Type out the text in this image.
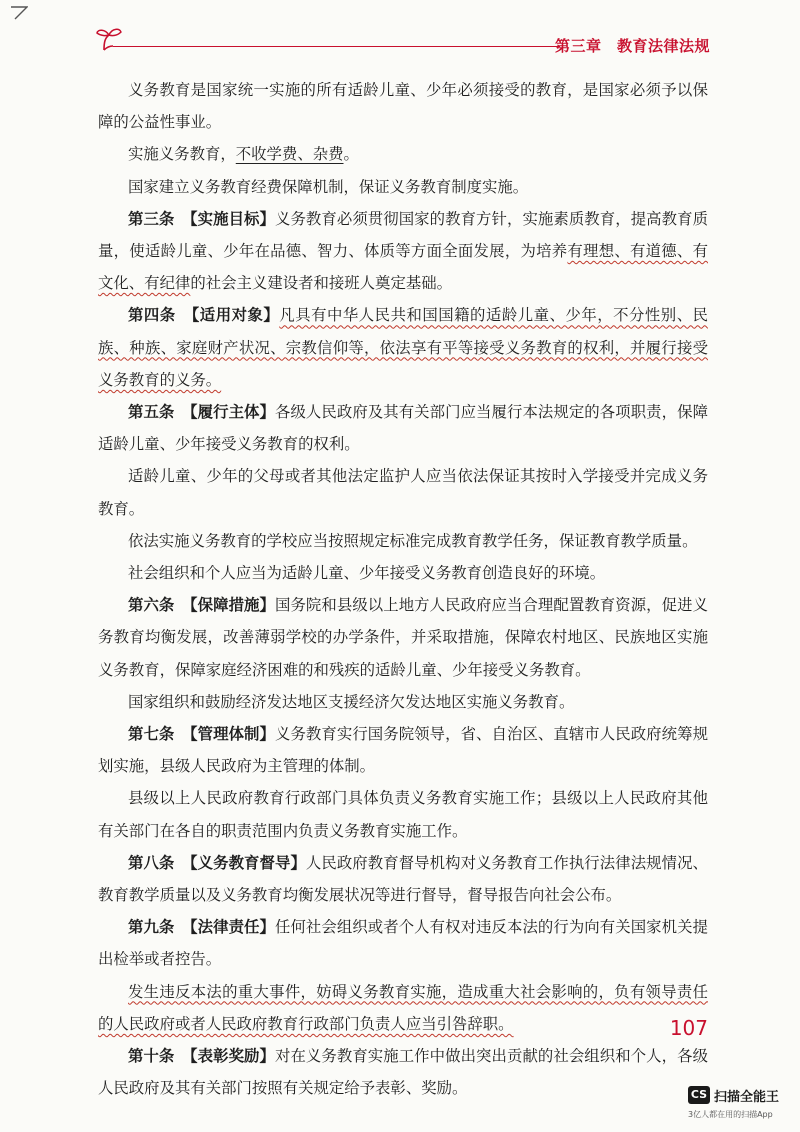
第三章　教育法律法规

义务教育是国家统一实施的所有适龄儿童、少年必须接受的教育，是国家必须予以保障的公益性事业。

实施义务教育，不收学费、杂费。

国家建立义务教育经费保障机制，保证义务教育制度实施。

第三条　 【实施目标】义务教育必须贯彻国家的教育方针，实施素质教育，提高教育质量，使适龄儿童、少年在品德、智力、体质等方面全面发展，为培养有理想、有道德、有文化、有纪律的社会主义建设者和接班人奠定基础。

第四条　 【适用对象】凡具有中华人民共和国国籍的适龄儿童、少年，不分性别、民族、种族、家庭财产状况、宗教信仰等，依法享有平等接受义务教育的权利，并履行接受义务教育的义务。

第五条　 【履行主体】各级人民政府及其有关部门应当履行本法规定的各项职责，保障适龄儿童、少年接受义务教育的权利。

适龄儿童、少年的父母或者其他法定监护人应当依法保证其按时入学接受并完成义务教育。

依法实施义务教育的学校应当按照规定标准完成教育教学任务，保证教育教学质量。

社会组织和个人应当为适龄儿童、少年接受义务教育创造良好的环境。

第六条　 【保障措施】国务院和县级以上地方人民政府应当合理配置教育资源，促进义务教育均衡发展，改善薄弱学校的办学条件，并采取措施，保障农村地区、民族地区实施义务教育，保障家庭经济困难的和残疾的适龄儿童、少年接受义务教育。

国家组织和鼓励经济发达地区支援经济欠发达地区实施义务教育。

第七条　 【管理体制】义务教育实行国务院领导，省、自治区、直辖市人民政府统筹规划实施，县级人民政府为主管理的体制。

县级以上人民政府教育行政部门具体负责义务教育实施工作；县级以上人民政府其他有关部门在各自的职责范围内负责义务教育实施工作。

第八条　 【义务教育督导】人民政府教育督导机构对义务教育工作执行法律法规情况、教育教学质量以及义务教育均衡发展状况等进行督导，督导报告向社会公布。

第九条　 【法律责任】任何社会组织或者个人有权对违反本法的行为向有关国家机关提出检举或者控告。

发生违反本法的重大事件，妨碍义务教育实施，造成重大社会影响的，负有领导责任的人民政府或者人民政府教育行政部门负责人应当引咎辞职。

第十条　 【表彰奖励】对在义务教育实施工作中做出突出贡献的社会组织和个人，各级人民政府及其有关部门按照有关规定给予表彰、奖励。

107
CS 扫描全能王
3亿人都在用的扫描App
